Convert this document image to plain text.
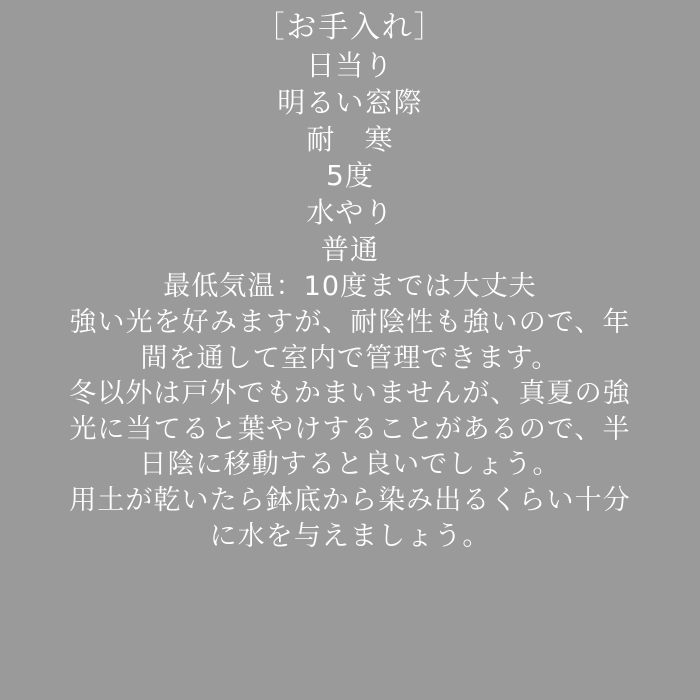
［お手入れ］
日当り
明るい窓際
耐　寒
5度
水やり
普通
最低気温：10度までは大丈夫
強い光を好みますが、耐陰性も強いので、年
間を通して室内で管理できます。
冬以外は戸外でもかまいませんが、真夏の強
光に当てると葉やけすることがあるので、半
日陰に移動すると良いでしょう。
用土が乾いたら鉢底から染み出るくらい十分
に水を与えましょう。
